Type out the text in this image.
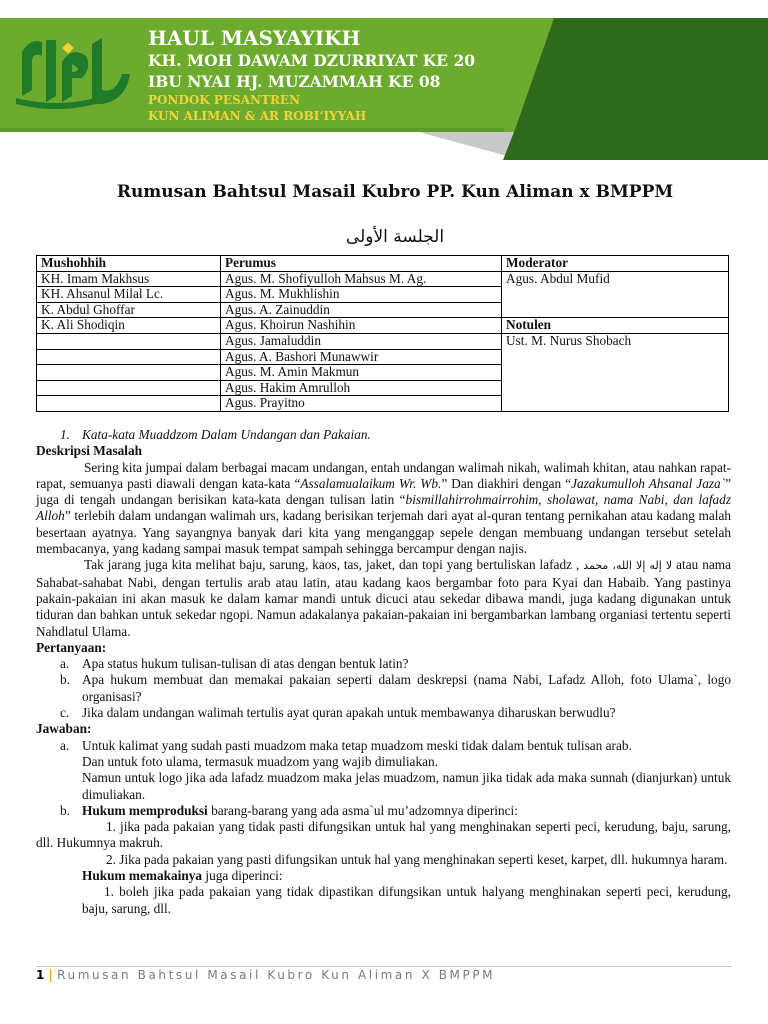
HAUL MASYAYIKH
KH. MOH DAWAM DZURRIYAT KE 20
IBU NYAI HJ. MUZAMMAH KE 08
PONDOK PESANTREN
KUN ALIMAN & AR ROBI’IYYAH
Rumusan Bahtsul Masail Kubro PP. Kun Aliman x BMPPM
الجلسة الأولى
Mushohhih	Perumus	Moderator
KH. Imam Makhsus	Agus. M. Shofiyulloh Mahsus M. Ag.	Agus. Abdul Mufid
KH. Ahsanul Milal Lc.	Agus. M. Mukhlishin	
K. Abdul Ghoffar	Agus. A. Zainuddin	
K. Ali Shodiqin	Agus. Khoirun Nashihin	Notulen
	Agus. Jamaluddin	Ust. M. Nurus Shobach
	Agus. A. Bashori Munawwir	
	Agus. M. Amin Makmun	
	Agus. Hakim Amrulloh	
	Agus. Prayitno	
1. Kata-kata Muaddzom Dalam Undangan dan Pakaian.

Deskripsi Masalah

Sering kita jumpai dalam berbagai macam undangan, entah undangan walimah nikah, walimah khitan, atau nahkan rapat-rapat, semuanya pasti diawali dengan kata-kata “Assalamualaikum Wr. Wb.” Dan diakhiri dengan “Jazakumulloh Ahsanal Jaza`” juga di tengah undangan berisikan kata-kata dengan tulisan latin “bismillahirrohmairrohim, sholawat, nama Nabi, dan lafadz Alloh” terlebih dalam undangan walimah urs, kadang berisikan terjemah dari ayat al-quran tentang pernikahan atau kadang malah besertaan ayatnya. Yang sayangnya banyak dari kita yang menganggap sepele dengan membuang undangan tersebut setelah membacanya, yang kadang sampai masuk tempat sampah sehingga bercampur dengan najis.

Tak jarang juga kita melihat baju, sarung, kaos, tas, jaket, dan topi yang bertuliskan lafadz , لا إله إلا الله، محمد atau nama Sahabat-sahabat Nabi, dengan tertulis arab atau latin, atau kadang kaos bergambar foto para Kyai dan Habaib. Yang pastinya pakain-pakaian ini akan masuk ke dalam kamar mandi untuk dicuci atau sekedar dibawa mandi, juga kadang digunakan untuk tiduran dan bahkan untuk sekedar ngopi. Namun adakalanya pakaian-pakaian ini bergambarkan lambang organiasi tertentu seperti Nahdlatul Ulama.

Pertanyaan:

a. Apa status hukum tulisan-tulisan di atas dengan bentuk latin?
b. Apa hukum membuat dan memakai pakaian seperti dalam deskrepsi (nama Nabi, Lafadz Alloh, foto Ulama`, logo organisasi?
c. Jika dalam undangan walimah tertulis ayat quran apakah untuk membawanya diharuskan berwudlu?

Jawaban:

a. Untuk kalimat yang sudah pasti muadzom maka tetap muadzom meski tidak dalam bentuk tulisan arab.

Dan untuk foto ulama, termasuk muadzom yang wajib dimuliakan.

Namun untuk logo jika ada lafadz muadzom maka jelas muadzom, namun jika tidak ada maka sunnah (dianjurkan) untuk dimuliakan.

b. Hukum memproduksi barang-barang yang ada asma`ul mu’adzomnya diperinci:

1. jika pada pakaian yang tidak pasti difungsikan untuk hal yang menghinakan seperti peci, kerudung, baju, sarung, dll. Hukumnya makruh.

2. Jika pada pakaian yang pasti difungsikan untuk hal yang menghinakan seperti keset, karpet, dll. hukumnya haram.

Hukum memakainya juga diperinci:

1. boleh jika pada pakaian yang tidak dipastikan difungsikan untuk halyang menghinakan seperti peci, kerudung, baju, sarung, dll.

1 | Rumusan Bahtsul Masail Kubro Kun Aliman X BMPPM
